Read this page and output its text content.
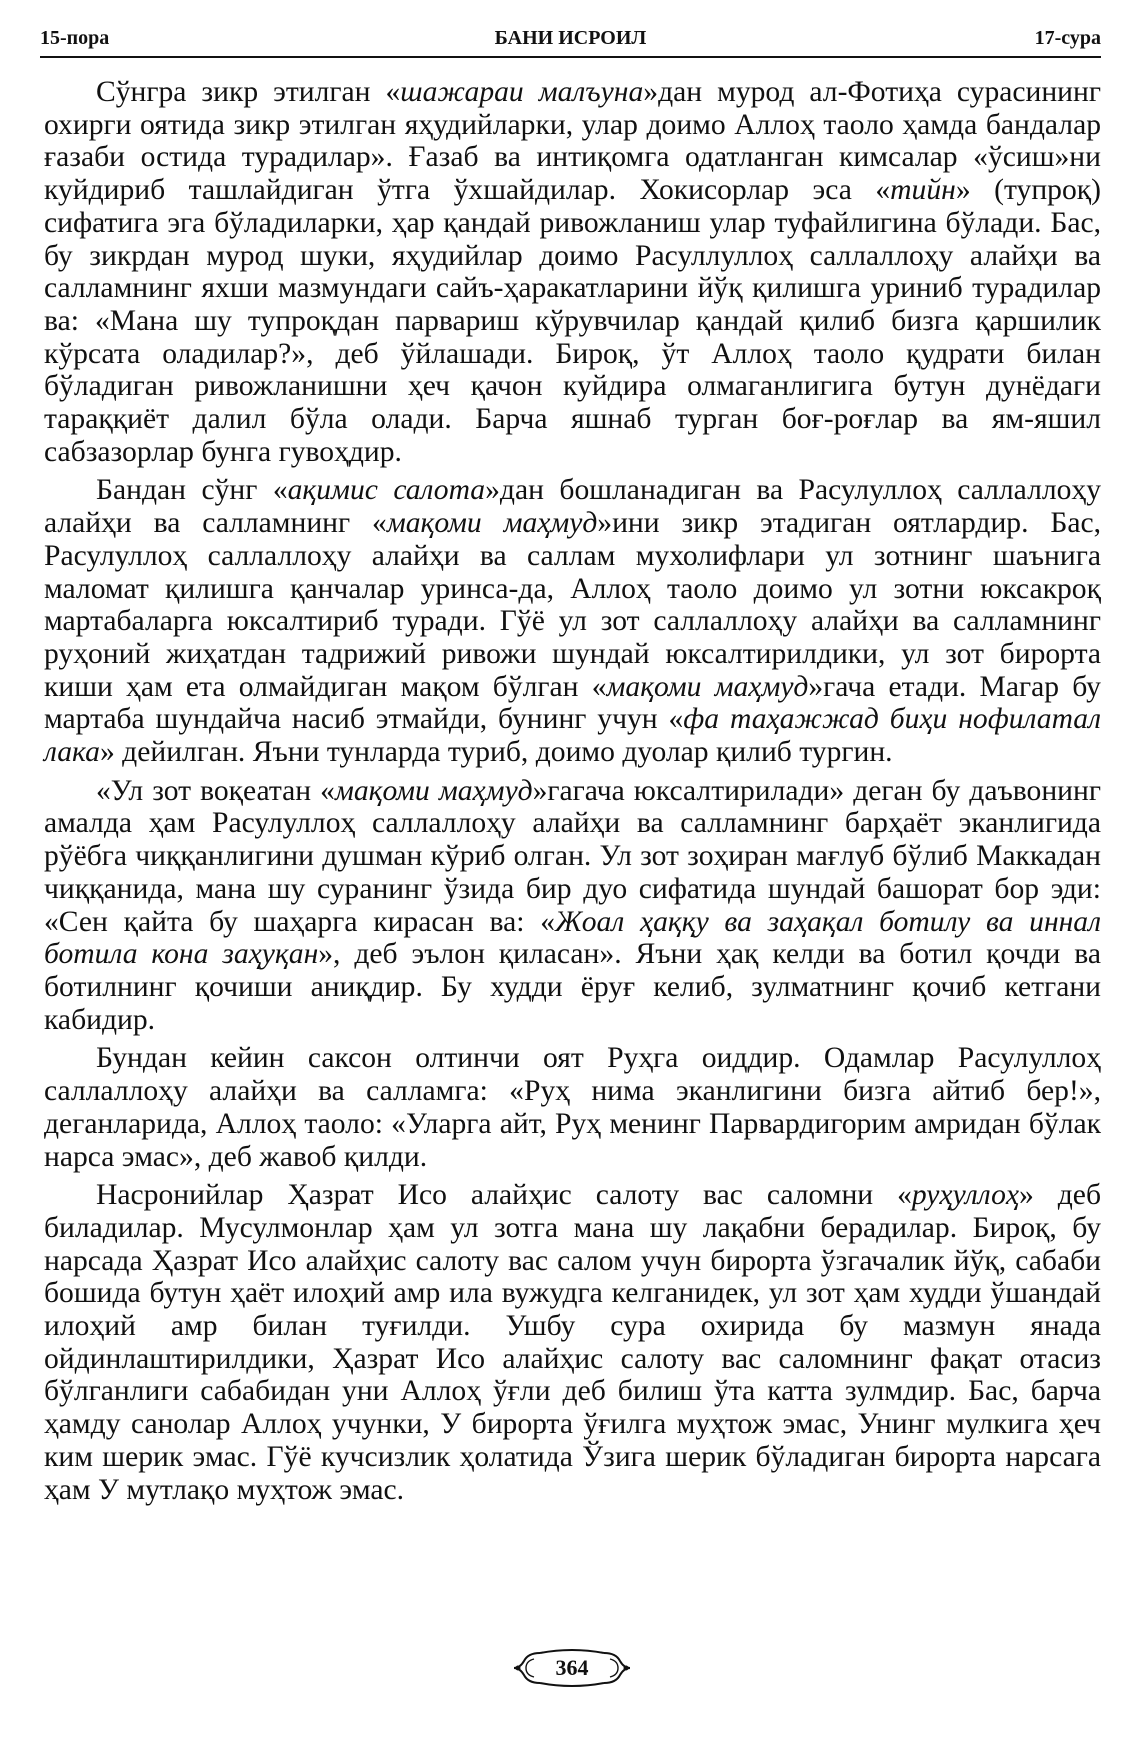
15-пора	БАНИ ИСРОИЛ	17-сура

Сўнгра зикр этилган «шажараи малъуна»дан мурод ал-Фотиҳа сурасининг охирги оятида зикр этилган яҳудийларки, улар доимо Аллоҳ таоло ҳамда бандалар ғазаби остида турадилар». Ғазаб ва интиқомга одатланган кимсалар «ўсиш»ни куйдириб ташлайдиган ўтга ўхшайдилар. Хокисорлар эса «тийн» (тупроқ) сифатига эга бўладиларки, ҳар қандай ривожланиш улар туфайлигина бўлади. Бас, бу зикрдан мурод шуки, яҳудийлар доимо Расуллуллоҳ саллаллоҳу алайҳи ва салламнинг яхши мазмундаги сайъ-ҳаракатларини йўқ қилишга уриниб турадилар ва: «Мана шу тупроқдан парвариш кўрувчилар қандай қилиб бизга қаршилик кўрсата оладилар?», деб ўйлашади. Бироқ, ўт Аллоҳ таоло қудрати билан бўладиган ривожланишни ҳеч қачон куйдира олмаганлигига бутун дунёдаги тараққиёт далил бўла олади. Барча яшнаб турган боғ-роғлар ва ям-яшил сабзазорлар бунга гувоҳдир.

Бандан сўнг «ақимис салота»дан бошланадиган ва Расулуллоҳ саллаллоҳу алайҳи ва салламнинг «мақоми маҳмуд»ини зикр этадиган оятлардир. Бас, Расулуллоҳ саллаллоҳу алайҳи ва саллам мухолифлари ул зотнинг шаънига маломат қилишга қанчалар уринса-да, Аллоҳ таоло доимо ул зотни юксакроқ мартабаларга юксалтириб туради. Гўё ул зот саллаллоҳу алайҳи ва салламнинг руҳоний жиҳатдан тадрижий ривожи шундай юксалтирилдики, ул зот бирорта киши ҳам ета олмайдиган мақом бўлган «мақоми маҳмуд»гача етади. Магар бу мартаба шундайча насиб этмайди, бунинг учун «фа таҳажжад биҳи нофилатал лака» дейилган. Яъни тунларда туриб, доимо дуолар қилиб тургин.

«Ул зот воқеатан «мақоми маҳмуд»гагача юксалтирилади» деган бу даъвонинг амалда ҳам Расулуллоҳ саллаллоҳу алайҳи ва салламнинг барҳаёт эканлигида рўёбга чиққанлигини душман кўриб олган. Ул зот зоҳиран мағлуб бўлиб Маккадан чиққанида, мана шу суранинг ўзида бир дуо сифатида шундай башорат бор эди: «Сен қайта бу шаҳарга кирасан ва: «Жоал ҳаққу ва заҳақал ботилу ва иннал ботила кона заҳуқан», деб эълон қиласан». Яъни ҳақ келди ва ботил қочди ва ботилнинг қочиши аниқдир. Бу худди ёруғ келиб, зулматнинг қочиб кетгани кабидир.

Бундан кейин саксон олтинчи оят Руҳга оиддир. Одамлар Расулуллоҳ саллаллоҳу алайҳи ва салламга: «Руҳ нима эканлигини бизга айтиб бер!», деганларида, Аллоҳ таоло: «Уларга айт, Руҳ менинг Парвардигорим амридан бўлак нарса эмас», деб жавоб қилди.

Насронийлар Ҳазрат Исо алайҳис салоту вас саломни «руҳуллоҳ» деб биладилар. Мусулмонлар ҳам ул зотга мана шу лақабни берадилар. Бироқ, бу нарсада Ҳазрат Исо алайҳис салоту вас салом учун бирорта ўзгачалик йўқ, сабаби бошида бутун ҳаёт илоҳий амр ила вужудга келганидек, ул зот ҳам худди ўшандай илоҳий амр билан туғилди. Ушбу сура охирида бу мазмун янада ойдинлаштирилдики, Ҳазрат Исо алайҳис салоту вас саломнинг фақат отасиз бўлганлиги сабабидан уни Аллоҳ ўғли деб билиш ўта катта зулмдир. Бас, барча ҳамду санолар Аллоҳ учунки, У бирорта ўғилга муҳтож эмас, Унинг мулкига ҳеч ким шерик эмас. Гўё кучсизлик ҳолатида Ўзига шерик бўладиган бирорта нарсага ҳам У мутлақо муҳтож эмас.

364
